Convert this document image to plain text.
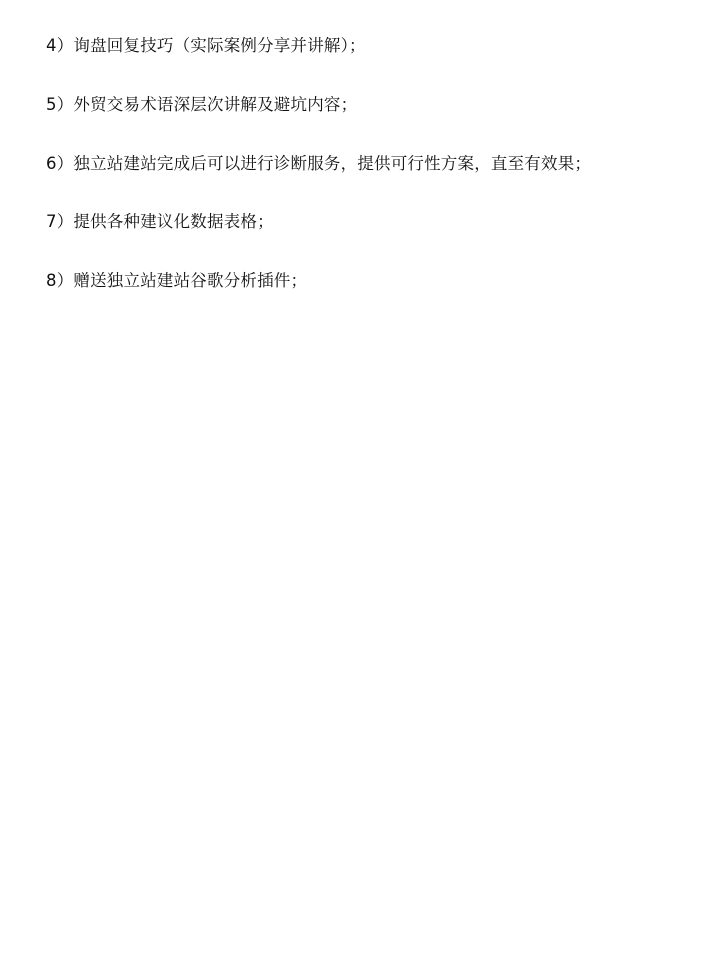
4）询盘回复技巧（实际案例分享并讲解）；

5）外贸交易术语深层次讲解及避坑内容；

6）独立站建站完成后可以进行诊断服务，提供可行性方案，直至有效果；

7）提供各种建议化数据表格；

8）赠送独立站建站谷歌分析插件；
